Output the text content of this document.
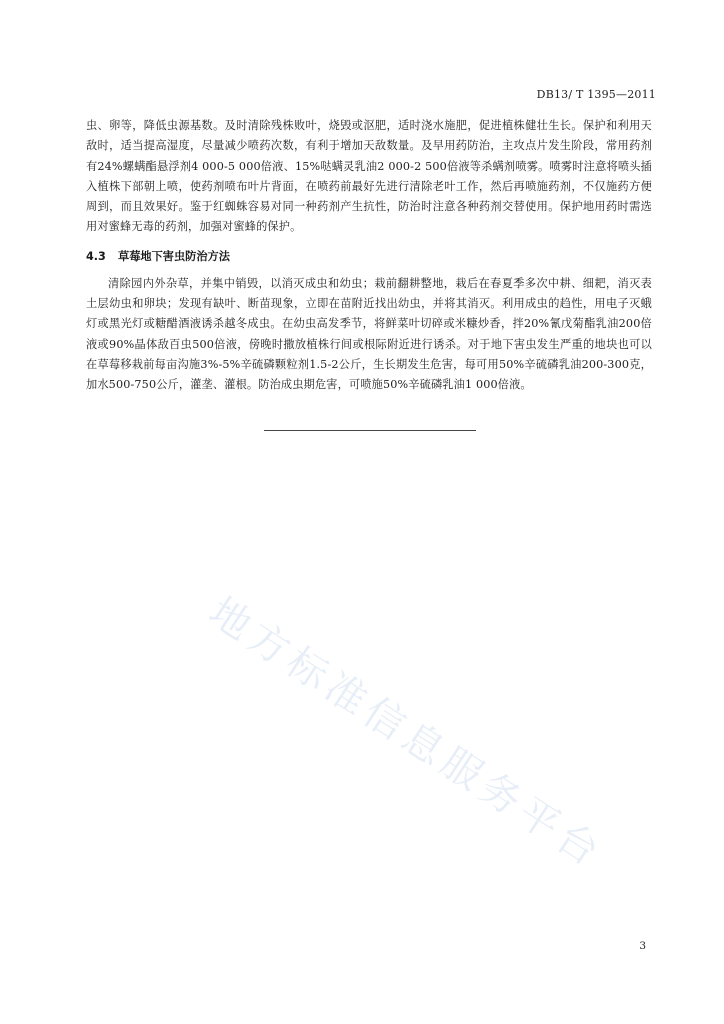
DB13/ T 1395—2011

虫、卵等，降低虫源基数。及时清除残株败叶，烧毁或沤肥，适时浇水施肥，促进植株健壮生长。保护和利用天敌时，适当提高湿度，尽量减少喷药次数，有利于增加天敌数量。及早用药防治，主攻点片发生阶段，常用药剂有24%螺螨酯悬浮剂4 000-5 000倍液、15%哒螨灵乳油2 000-2 500倍液等杀螨剂喷雾。喷雾时注意将喷头插入植株下部朝上喷，使药剂喷布叶片背面，在喷药前最好先进行清除老叶工作，然后再喷施药剂，不仅施药方便周到，而且效果好。鉴于红蜘蛛容易对同一种药剂产生抗性，防治时注意各种药剂交替使用。保护地用药时需选用对蜜蜂无毒的药剂，加强对蜜蜂的保护。

4.3 草莓地下害虫防治方法

清除园内外杂草，并集中销毁，以消灭成虫和幼虫；栽前翻耕整地，栽后在春夏季多次中耕、细耙，消灭表土层幼虫和卵块；发现有缺叶、断苗现象，立即在苗附近找出幼虫，并将其消灭。利用成虫的趋性，用电子灭蛾灯或黑光灯或糖醋酒液诱杀越冬成虫。在幼虫高发季节，将鲜菜叶切碎或米糠炒香，拌20%氰戊菊酯乳油200倍液或90%晶体敌百虫500倍液，傍晚时撒放植株行间或根际附近进行诱杀。对于地下害虫发生严重的地块也可以在草莓移栽前每亩沟施3%-5%辛硫磷颗粒剂1.5-2公斤，生长期发生危害，每可用50%辛硫磷乳油200-300克，加水500-750公斤，灌垄、灌根。防治成虫期危害，可喷施50%辛硫磷乳油1 000倍液。

地方标准信息服务平台
3
